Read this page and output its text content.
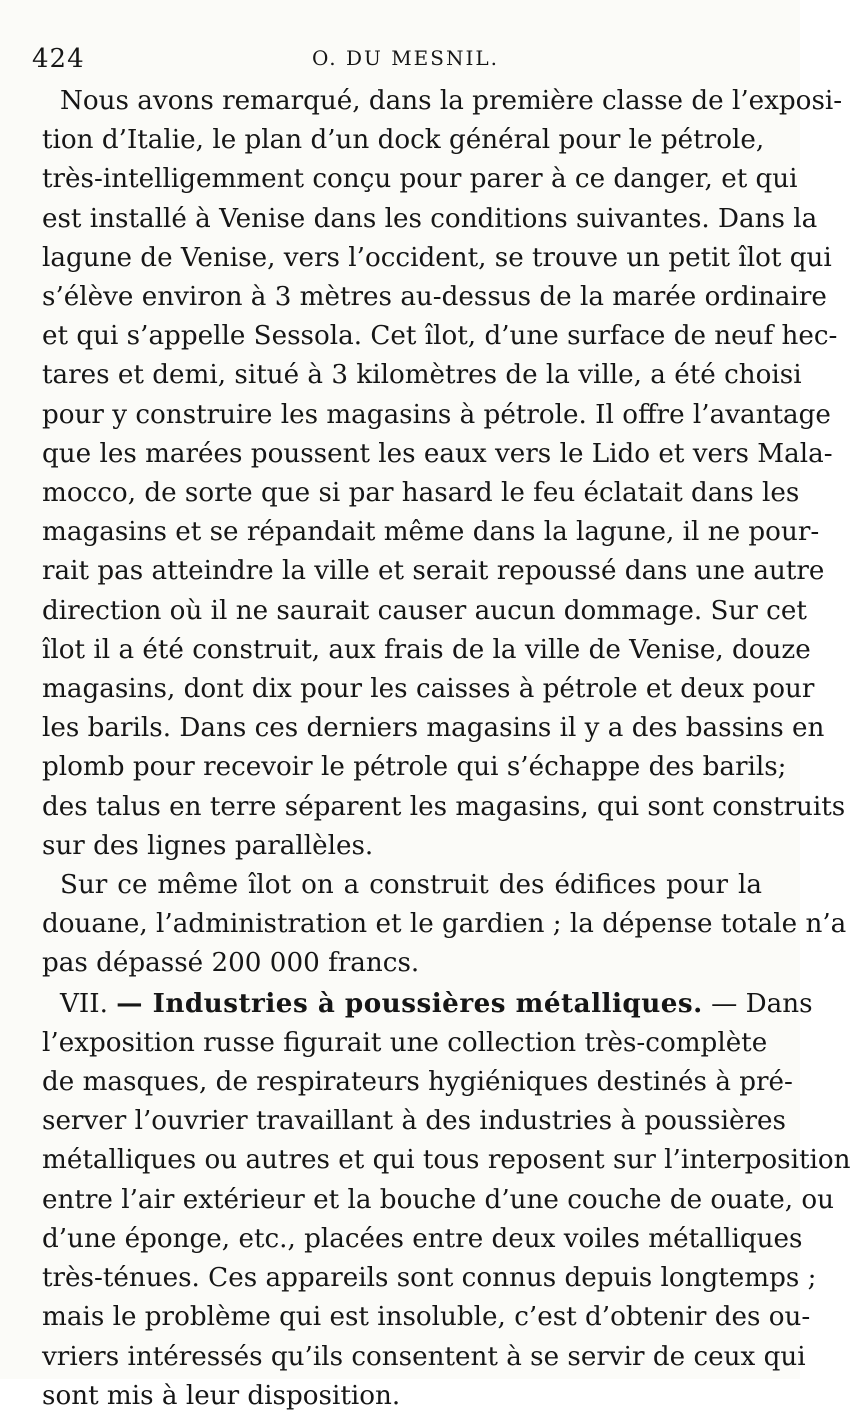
424	O. DU MESNIL.
Nous avons remarqué, dans la première classe de l’exposi-
tion d’Italie, le plan d’un dock général pour le pétrole,
très-intelligemment conçu pour parer à ce danger, et qui
est installé à Venise dans les conditions suivantes. Dans la
lagune de Venise, vers l’occident, se trouve un petit îlot qui
s’élève environ à 3 mètres au-dessus de la marée ordinaire
et qui s’appelle Sessola. Cet îlot, d’une surface de neuf hec-
tares et demi, situé à 3 kilomètres de la ville, a été choisi
pour y construire les magasins à pétrole. Il offre l’avantage
que les marées poussent les eaux vers le Lido et vers Mala-
mocco, de sorte que si par hasard le feu éclatait dans les
magasins et se répandait même dans la lagune, il ne pour-
rait pas atteindre la ville et serait repoussé dans une autre
direction où il ne saurait causer aucun dommage. Sur cet
îlot il a été construit, aux frais de la ville de Venise, douze
magasins, dont dix pour les caisses à pétrole et deux pour
les barils. Dans ces derniers magasins il y a des bassins en
plomb pour recevoir le pétrole qui s’échappe des barils;
des talus en terre séparent les magasins, qui sont construits
sur des lignes parallèles.
Sur ce même îlot on a construit des édifices pour la
douane, l’administration et le gardien ; la dépense totale n’a
pas dépassé 200 000 francs.
VII. — Industries à poussières métalliques. — Dans
l’exposition russe figurait une collection très-complète
de masques, de respirateurs hygiéniques destinés à pré-
server l’ouvrier travaillant à des industries à poussières
métalliques ou autres et qui tous reposent sur l’interposition
entre l’air extérieur et la bouche d’une couche de ouate, ou
d’une éponge, etc., placées entre deux voiles métalliques
très-ténues. Ces appareils sont connus depuis longtemps ;
mais le problème qui est insoluble, c’est d’obtenir des ou-
vriers intéressés qu’ils consentent à se servir de ceux qui
sont mis à leur disposition.
